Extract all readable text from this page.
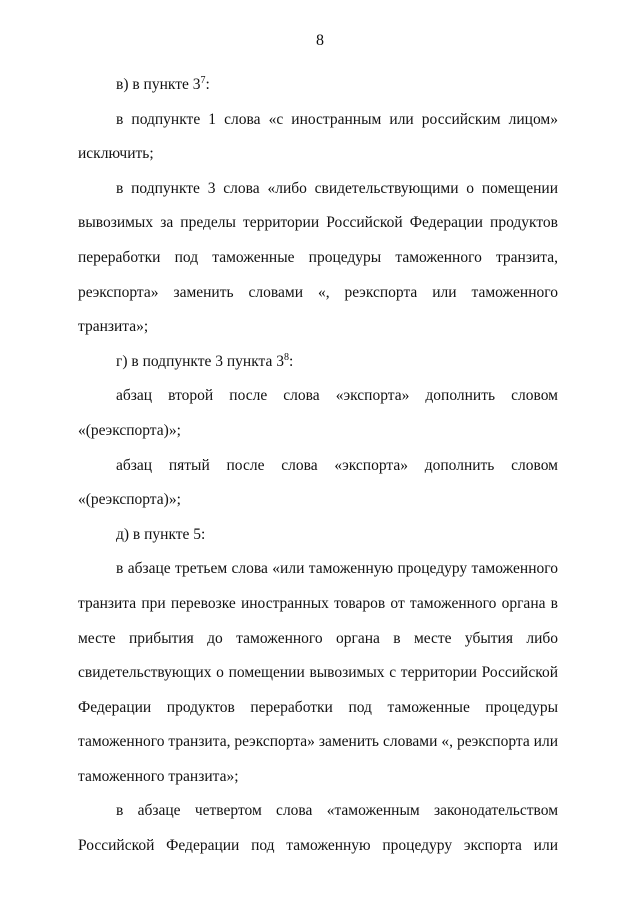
8

в) в пункте $3^7$:

в подпункте 1 слова «с иностранным или российским лицом» исключить;

в подпункте 3 слова «либо свидетельствующими о помещении вывозимых за пределы территории Российской Федерации продуктов переработки под таможенные процедуры таможенного транзита, реэкспорта» заменить словами «, реэкспорта или таможенного транзита»;

г) в подпункте 3 пункта $3^8$:

абзац второй после слова «экспорта» дополнить словом «(реэкспорта)»;

абзац пятый после слова «экспорта» дополнить словом «(реэкспорта)»;

д) в пункте 5:

в абзаце третьем слова «или таможенную процедуру таможенного транзита при перевозке иностранных товаров от таможенного органа в месте прибытия до таможенного органа в месте убытия либо свидетельствующих о помещении вывозимых с территории Российской Федерации продуктов переработки под таможенные процедуры таможенного транзита, реэкспорта» заменить словами «, реэкспорта или таможенного транзита»;

в абзаце четвертом слова «таможенным законодательством Российской Федерации под таможенную процедуру экспорта или
